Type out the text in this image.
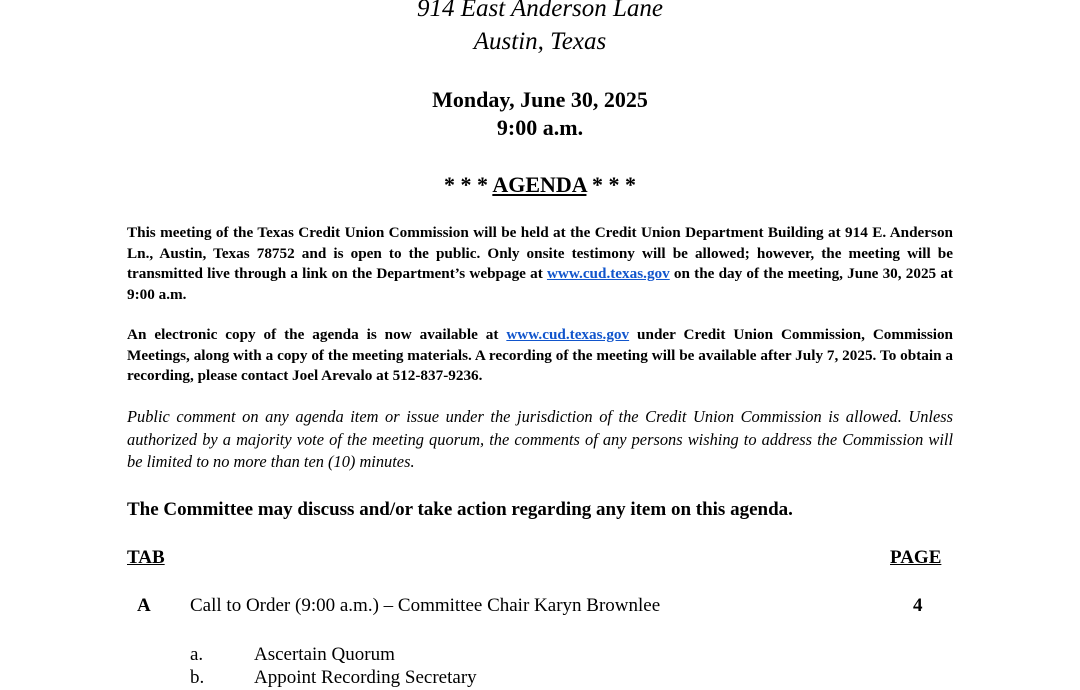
914 East Anderson Lane
Austin, Texas
Monday, June 30, 2025
9:00 a.m.
* * * AGENDA * * *
This meeting of the Texas Credit Union Commission will be held at the Credit Union Department Building at 914 E. Anderson Ln., Austin, Texas 78752 and is open to the public. Only onsite testimony will be allowed; however, the meeting will be transmitted live through a link on the Department’s webpage at www.cud.texas.gov on the day of the meeting, June 30, 2025 at 9:00 a.m.
An electronic copy of the agenda is now available at www.cud.texas.gov under Credit Union Commission, Commission Meetings, along with a copy of the meeting materials. A recording of the meeting will be available after July 7, 2025. To obtain a recording, please contact Joel Arevalo at 512-837-9236.
Public comment on any agenda item or issue under the jurisdiction of the Credit Union Commission is allowed. Unless authorized by a majority vote of the meeting quorum, the comments of any persons wishing to address the Commission will be limited to no more than ten (10) minutes.
The Committee may discuss and/or take action regarding any item on this agenda.
TAB	PAGE
A Call to Order (9:00 a.m.) – Committee Chair Karyn Brownlee	4
a.	Ascertain Quorum
b.	Appoint Recording Secretary
